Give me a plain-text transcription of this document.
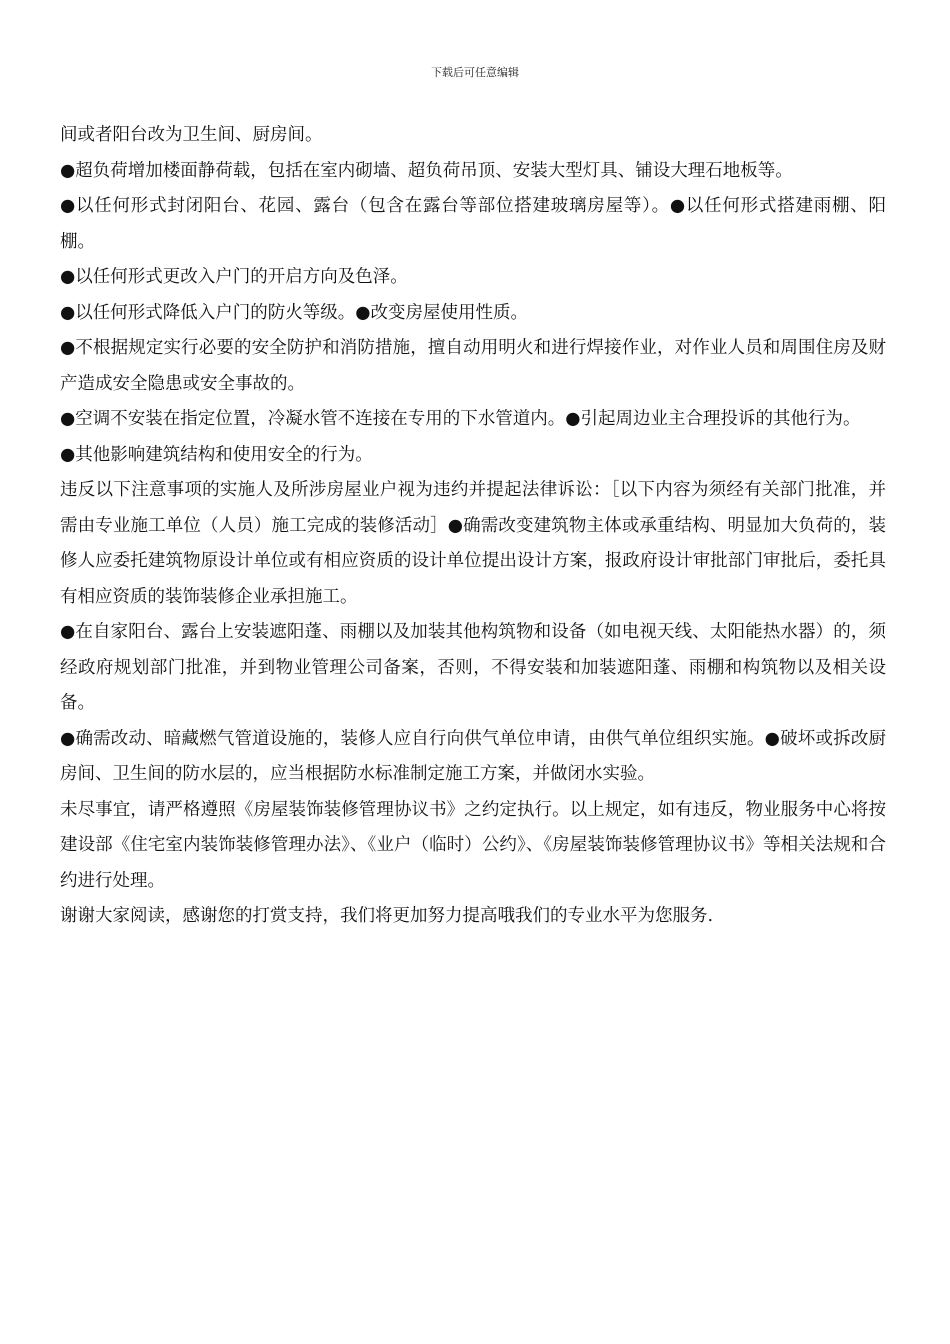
下载后可任意编辑

间或者阳台改为卫生间、厨房间。

●超负荷增加楼面静荷载，包括在室内砌墙、超负荷吊顶、安装大型灯具、铺设大理石地板等。

●以任何形式封闭阳台、花园、露台（包含在露台等部位搭建玻璃房屋等）。●以任何形式搭建雨棚、阳棚。

●以任何形式更改入户门的开启方向及色泽。

●以任何形式降低入户门的防火等级。●改变房屋使用性质。

●不根据规定实行必要的安全防护和消防措施，擅自动用明火和进行焊接作业，对作业人员和周围住房及财产造成安全隐患或安全事故的。

●空调不安装在指定位置，冷凝水管不连接在专用的下水管道内。●引起周边业主合理投诉的其他行为。

●其他影响建筑结构和使用安全的行为。

违反以下注意事项的实施人及所涉房屋业户视为违约并提起法律诉讼：［以下内容为须经有关部门批准，并需由专业施工单位（人员）施工完成的装修活动］●确需改变建筑物主体或承重结构、明显加大负荷的，装修人应委托建筑物原设计单位或有相应资质的设计单位提出设计方案，报政府设计审批部门审批后，委托具有相应资质的装饰装修企业承担施工。

●在自家阳台、露台上安装遮阳蓬、雨棚以及加装其他构筑物和设备（如电视天线、太阳能热水器）的，须经政府规划部门批准，并到物业管理公司备案，否则，不得安装和加装遮阳蓬、雨棚和构筑物以及相关设备。

●确需改动、暗藏燃气管道设施的，装修人应自行向供气单位申请，由供气单位组织实施。●破坏或拆改厨房间、卫生间的防水层的，应当根据防水标准制定施工方案，并做闭水实验。

未尽事宜，请严格遵照《房屋装饰装修管理协议书》之约定执行。以上规定，如有违反，物业服务中心将按建设部《住宅室内装饰装修管理办法》、《业户（临时）公约》、《房屋装饰装修管理协议书》等相关法规和合约进行处理。

谢谢大家阅读，感谢您的打赏支持，我们将更加努力提高哦我们的专业水平为您服务.
